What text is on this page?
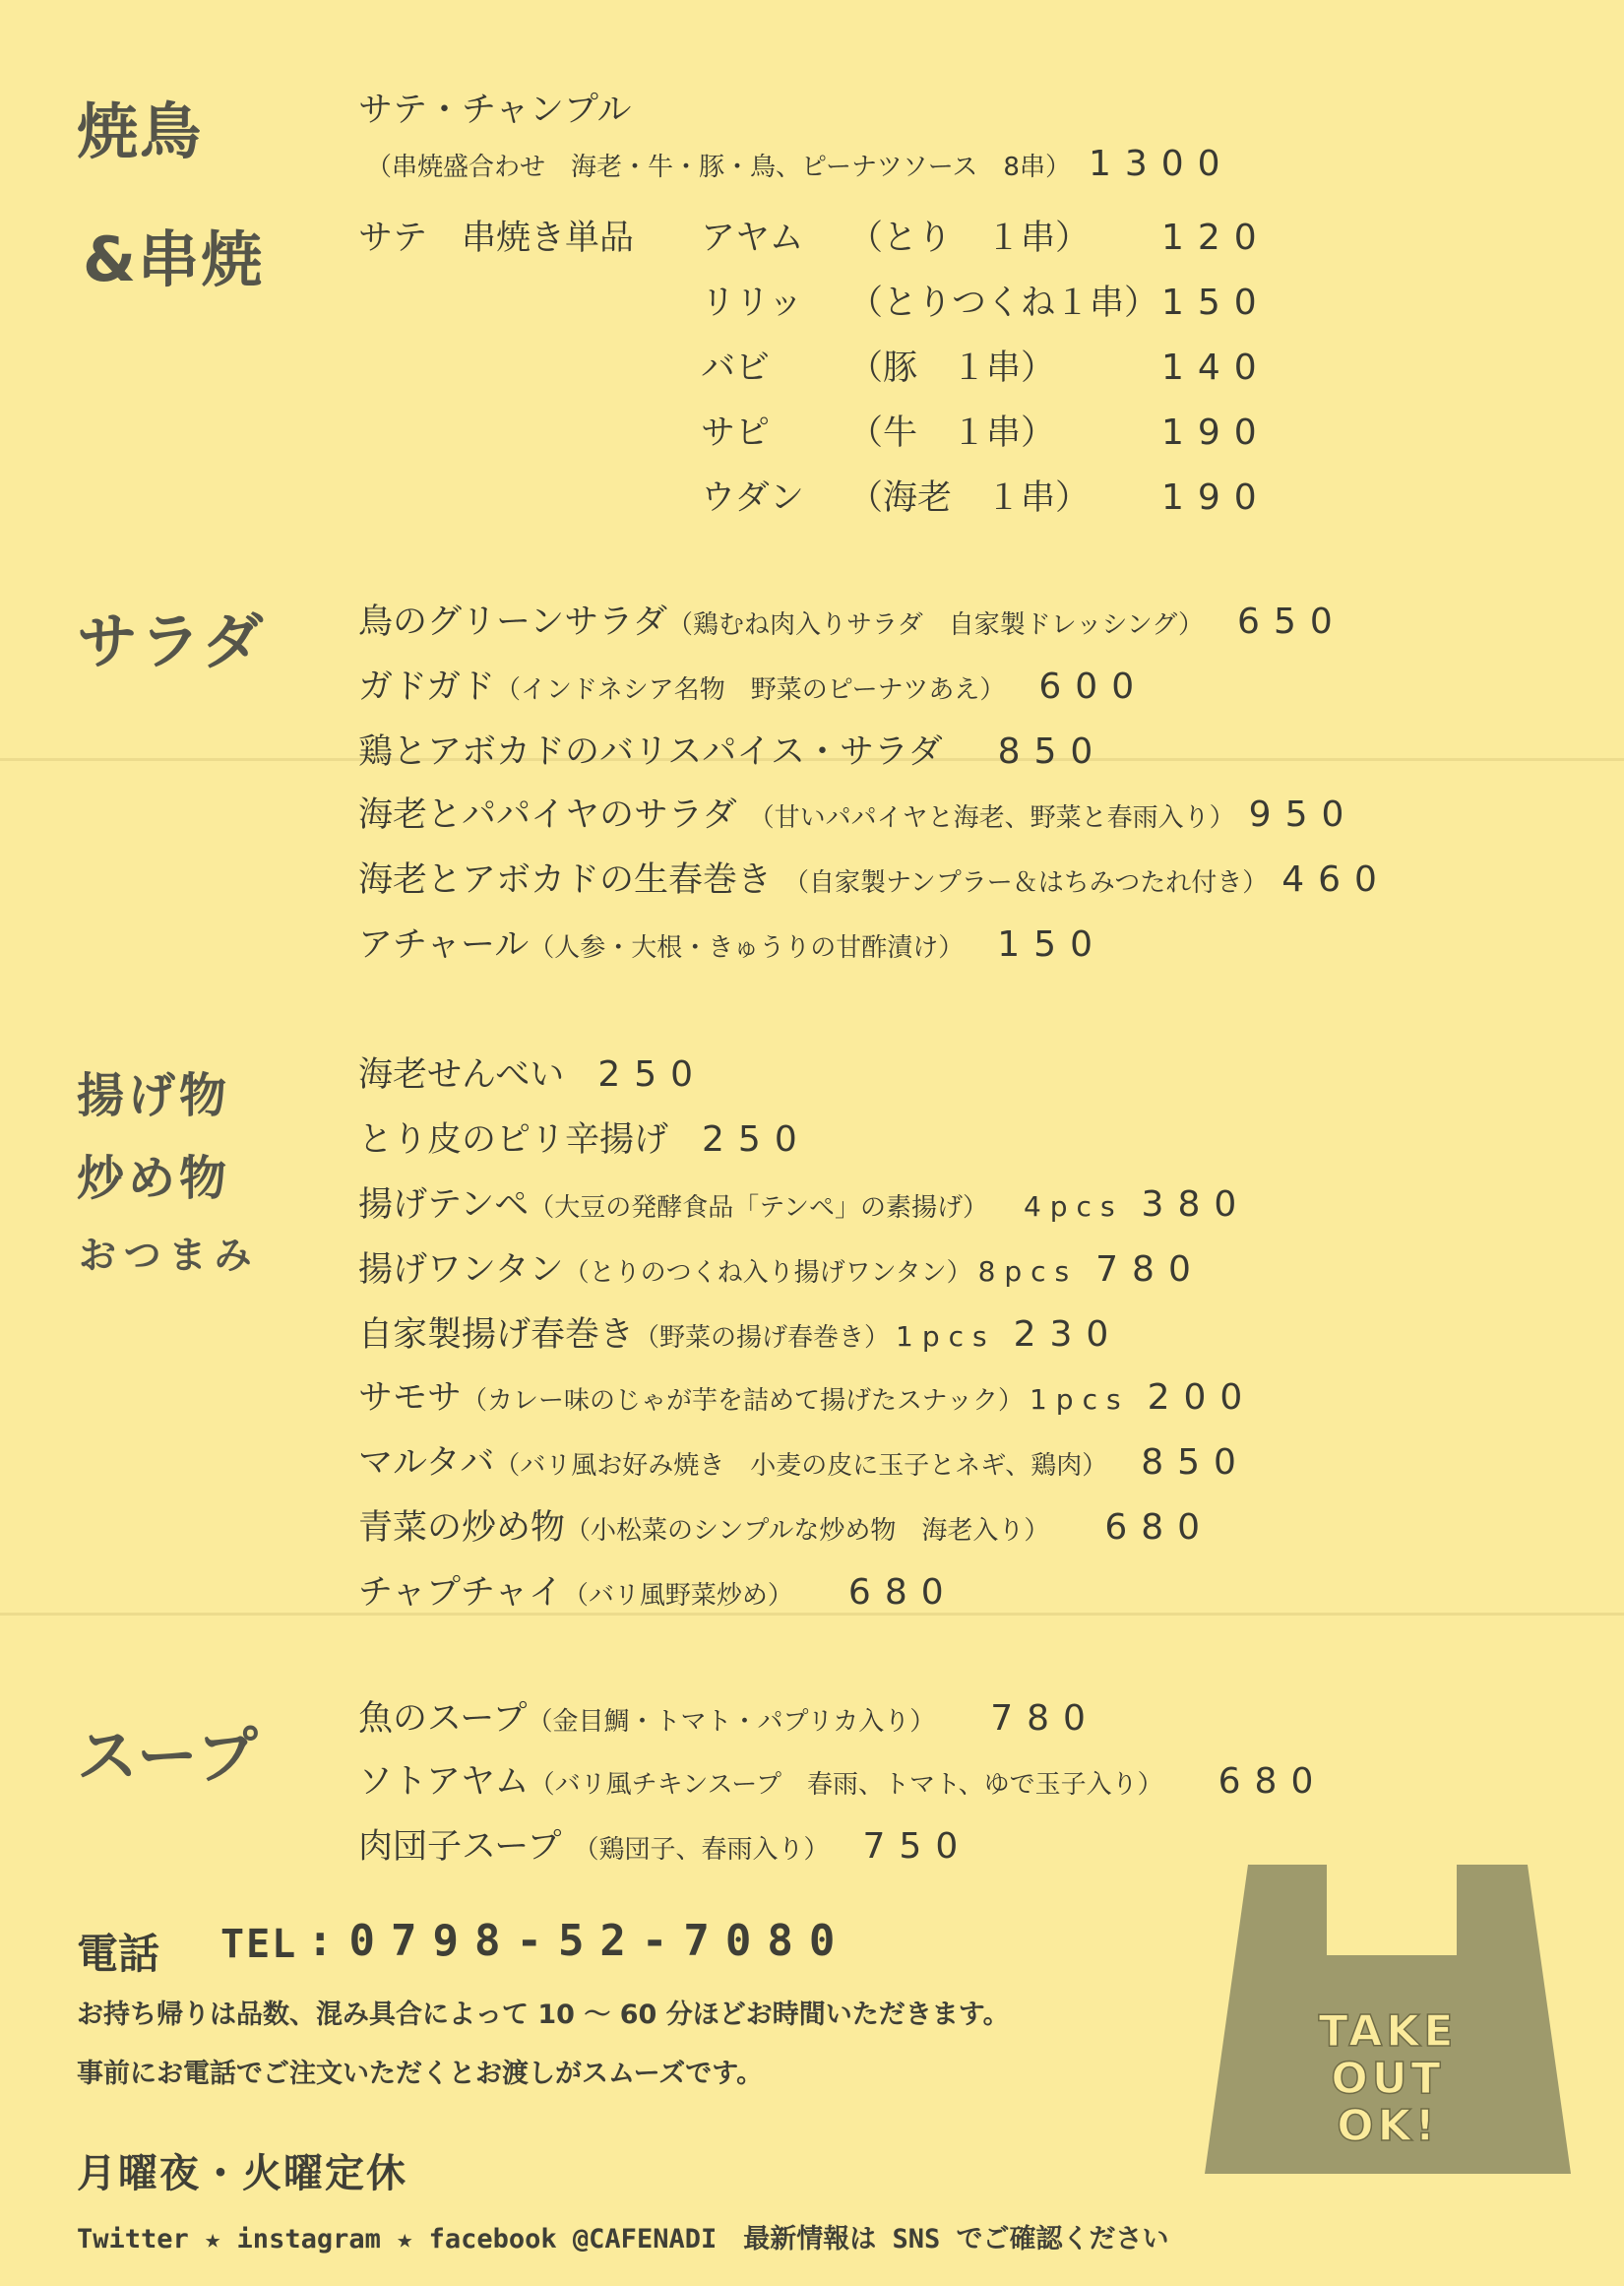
焼鳥
&串焼
サテ・チャンプル
（串焼盛合わせ　海老・牛・豚・鳥、ピーナツソース　8串） 1300
サテ　串焼き単品 アヤム （とり　１串） 120
リリッ （とりつくね１串）150
バビ （豚　１串）	140
サピ （牛　１串）	190
ウダン （海老　１串） 190
サラダ	鳥のグリーンサラダ（鶏むね肉入りサラダ　自家製ドレッシング） 650
ガドガド（インドネシア名物　野菜のピーナツあえ） 600
鶏とアボカドのバリスパイス・サラダ 850
海老とパパイヤのサラダ （甘いパパイヤと海老、野菜と春雨入り） 950
海老とアボカドの生春巻き （自家製ナンプラー＆はちみつたれ付き） 460
アチャール（人参・大根・きゅうりの甘酢漬け） 150
揚げ物
炒め物
おつまみ
海老せんべい 250
とり皮のピリ辛揚げ 250
揚げテンペ（大豆の発酵食品「テンペ」の素揚げ） 4pcs 380
揚げワンタン（とりのつくね入り揚げワンタン） 8pcs 780
自家製揚げ春巻き（野菜の揚げ春巻き） 1pcs 230
サモサ（カレー味のじゃが芋を詰めて揚げたスナック） 1pcs 200
マルタバ（バリ風お好み焼き　小麦の皮に玉子とネギ、鶏肉） 850
青菜の炒め物（小松菜のシンプルな炒め物　海老入り） 680
チャプチャイ（バリ風野菜炒め） 680
スープ
魚のスープ（金目鯛・トマト・パプリカ入り） 780
ソトアヤム（バリ風チキンスープ　春雨、トマト、ゆで玉子入り） 680
肉団子スープ （鶏団子、春雨入り） 750
電話 TEL :0798-52-7080
お持ち帰りは品数、混み具合によって 10 ～ 60 分ほどお時間いただきます。
事前にお電話でご注文いただくとお渡しがスムーズです。
月曜夜・火曜定休
Twitter ★ instagram ★ facebook @CAFENADI　最新情報は SNS でご確認ください
TAKE
OUT
OK!
